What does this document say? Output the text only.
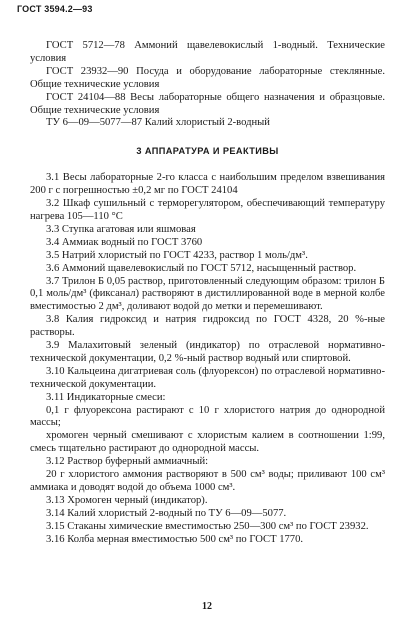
ГОСТ 3594.2—93

ГОСТ 5712—78 Аммоний щавелевокислый 1-водный. Технические условия

ГОСТ 23932—90 Посуда и оборудование лабораторные стеклянные. Общие технические условия

ГОСТ 24104—88 Весы лабораторные общего назначения и образцовые. Общие технические условия

ТУ 6—09—5077—87 Калий хлористый 2-водный

3 АППАРАТУРА И РЕАКТИВЫ

3.1 Весы лабораторные 2-го класса с наибольшим пределом взвешивания 200 г с погрешностью ±0,2 мг по ГОСТ 24104

3.2 Шкаф сушильный с терморегулятором, обеспечивающий температуру нагрева 105—110 °С

3.3 Ступка агатовая или яшмовая

3.4 Аммиак водный по ГОСТ 3760

3.5 Натрий хлористый по ГОСТ 4233, раствор 1 моль/дм³.

3.6 Аммоний щавелевокислый по ГОСТ 5712, насыщенный раствор.

3.7 Трилон Б 0,05 раствор, приготовленный следующим образом: трилон Б 0,1 моль/дм³ (фиксанал) растворяют в дистиллированной воде в мерной колбе вместимостью 2 дм³, доливают водой до метки и перемешивают.

3.8 Калия гидроксид и натрия гидроксид по ГОСТ 4328, 20 %-ные растворы.

3.9 Малахитовый зеленый (индикатор) по отраслевой нормативно-технической документации, 0,2 %-ный раствор водный или спиртовой.

3.10 Кальцеина дигатриевая соль (флуорексон) по отраслевой нормативно-технической документации.

3.11 Индикаторные смеси:

0,1 г флуорексона растирают с 10 г хлористого натрия до однородной массы;

хромоген черный смешивают с хлористым калием в соотношении 1:99, смесь тщательно растирают до однородной массы.

3.12 Раствор буферный аммиачный:

20 г хлористого аммония растворяют в 500 см³ воды; приливают 100 см³ аммиака и доводят водой до объема 1000 см³.

3.13 Хромоген черный (индикатор).

3.14 Калий хлористый 2-водный по ТУ 6—09—5077.

3.15 Стаканы химические вместимостью 250—300 см³ по ГОСТ 23932.

3.16 Колба мерная вместимостью 500 см³ по ГОСТ 1770.

12
